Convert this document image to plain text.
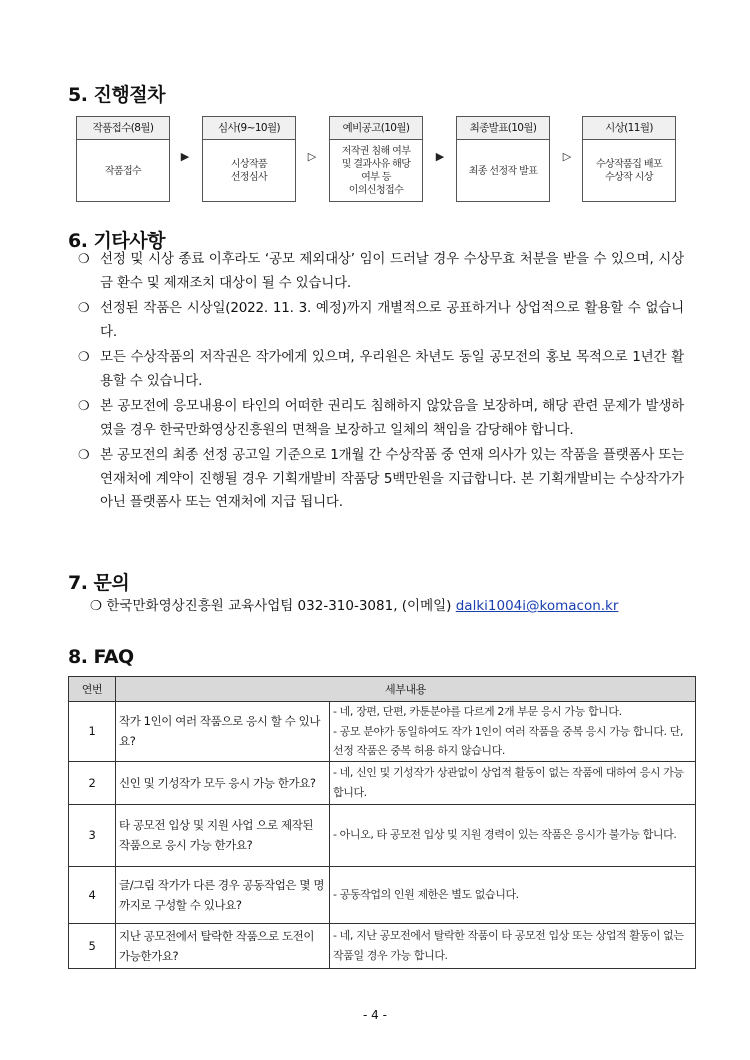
5. 진행절차
작품접수(8월)
작품접수
▶
심사(9~10월)
시상작품
선정심사
▷
예비공고(10월)
저작권 침해 여부
및 결과사유 해당
여부 등
이의신청접수
▶
최종발표(10월)
최종 선정작 발표
▷
시상(11월)
수상작품집 배포
수상작 시상
6. 기타사항
❍ 선정 및 시상 종료 이후라도 ‘공모 제외대상’ 임이 드러날 경우 수상무효 처분을 받을 수 있으며, 시상금 환수 및 제재조치 대상이 될 수 있습니다.
❍ 선정된 작품은 시상일(2022. 11. 3. 예정)까지 개별적으로 공표하거나 상업적으로 활용할 수 없습니다.
❍ 모든 수상작품의 저작권은 작가에게 있으며, 우리원은 차년도 동일 공모전의 홍보 목적으로 1년간 활용할 수 있습니다.
❍ 본 공모전에 응모내용이 타인의 어떠한 권리도 침해하지 않았음을 보장하며, 해당 관련 문제가 발생하였을 경우 한국만화영상진흥원의 면책을 보장하고 일체의 책임을 감당해야 합니다.
❍ 본 공모전의 최종 선정 공고일 기준으로 1개월 간 수상작품 중 연재 의사가 있는 작품을 플랫폼사 또는 연재처에 계약이 진행될 경우 기획개발비 작품당 5백만원을 지급합니다. 본 기획개발비는 수상작가가 아닌 플랫폼사 또는 연재처에 지급 됩니다.
7. 문의
❍ 한국만화영상진흥원 교육사업팀 032-310-3081, (이메일) dalki1004i@komacon.kr
8. FAQ
연번	세부내용	
1	작가 1인이 여러 작품으로 응시 할 수 있나요?	- 네, 장편, 단편, 카툰분야를 다르게 2개 부문 응시 가능 합니다.
- 공모 분야가 동일하여도 작가 1인이 여러 작품을 중복 응시 가능 합니다. 단, 선정 작품은 중복 허용 하지 않습니다.

2	신인 및 기성작가 모두 응시 가능 한가요?	- 네, 신인 및 기성작가 상관없이 상업적 활동이 없는 작품에 대하여 응시 가능 합니다.

3	타 공모전 입상 및 지원 사업 으로 제작된 작품으로 응시 가능 한가요?	- 아니오, 타 공모전 입상 및 지원 경력이 있는 작품은 응시가 불가능 합니다.

4	글/그림 작가가 다른 경우 공동작업은 몇 명까지로 구성할 수 있나요?	- 공동작업의 인원 제한은 별도 없습니다.

5	지난 공모전에서 탈락한 작품으로 도전이 가능한가요?	- 네, 지난 공모전에서 탈락한 작품이 타 공모전 입상 또는 상업적 활동이 없는 작품일 경우 가능 합니다.
- 4 -
